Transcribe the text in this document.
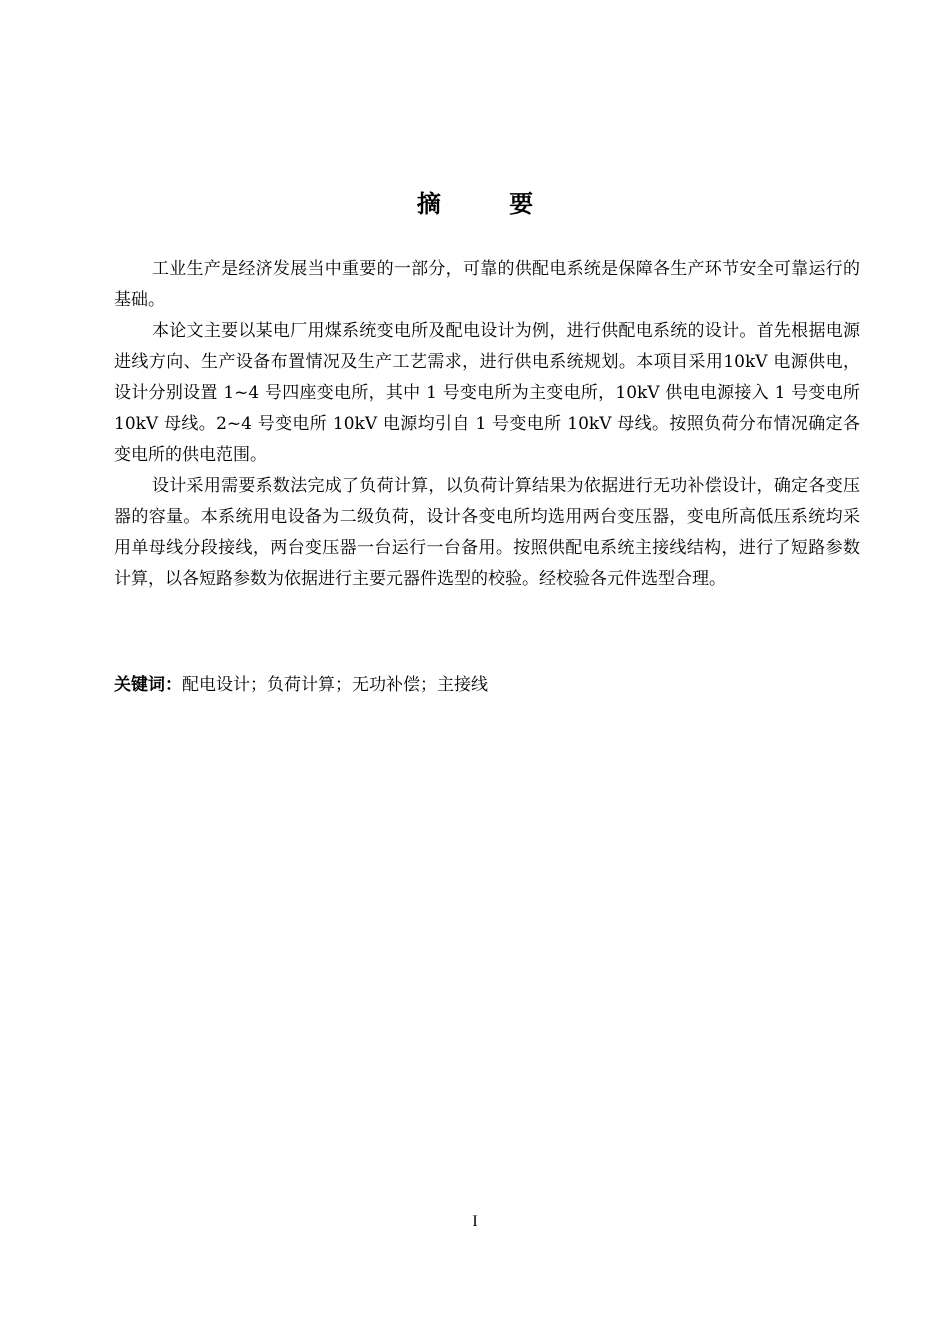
摘 要

工业生产是经济发展当中重要的一部分，可靠的供配电系统是保障各生产环节安全可靠运行的基础。

本论文主要以某电厂用煤系统变电所及配电设计为例，进行供配电系统的设计。首先根据电源进线方向、生产设备布置情况及生产工艺需求，进行供电系统规划。本项目采用10kV 电源供电，设计分别设置 1~4 号四座变电所，其中 1 号变电所为主变电所，10kV 供电电源接入 1 号变电所 10kV 母线。2~4 号变电所 10kV 电源均引自 1 号变电所 10kV 母线。按照负荷分布情况确定各变电所的供电范围。

设计采用需要系数法完成了负荷计算，以负荷计算结果为依据进行无功补偿设计，确定各变压器的容量。本系统用电设备为二级负荷，设计各变电所均选用两台变压器，变电所高低压系统均采用单母线分段接线，两台变压器一台运行一台备用。按照供配电系统主接线结构，进行了短路参数计算，以各短路参数为依据进行主要元器件选型的校验。经校验各元件选型合理。

关键词：配电设计；负荷计算；无功补偿；主接线
I
